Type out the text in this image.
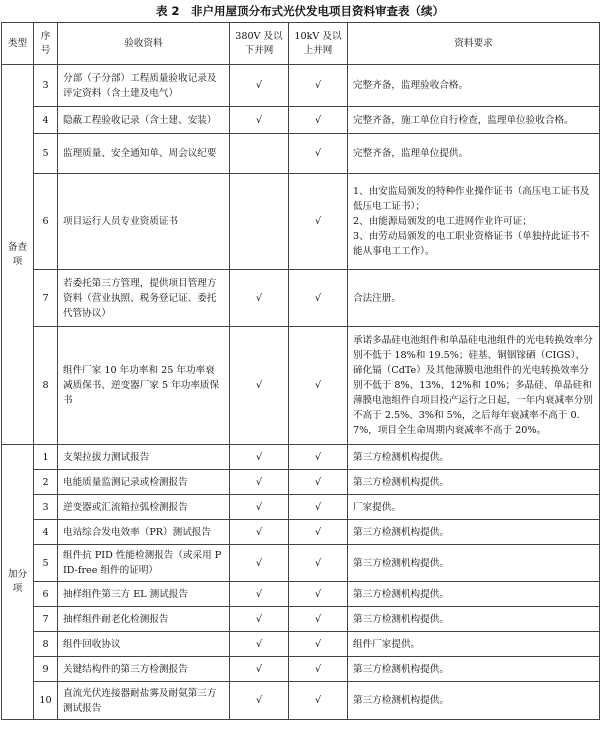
表 2　非户用屋顶分布式光伏发电项目资料审查表（续）
类型	序号	验收资料	380V 及以下并网	10kV 及以上并网	资料要求
备查项	3	分部（子分部）工程质量验收记录及评定资料（含土建及电气）	√	√	完整齐备，监理验收合格。

	4	隐蔽工程验收记录（含土建、安装）	√	√	完整齐备，施工单位自行检查，监理单位验收合格。

	5	监理质量、安全通知单、周会议纪要		√	完整齐备，监理单位提供。

	6	项目运行人员专业资质证书		√	1、由安监局颁发的特种作业操作证书（高压电工证书及低压电工证书）；
2、由能源局颁发的电工进网作业许可证；
3、由劳动局颁发的电工职业资格证书（单独持此证书不能从事电工工作）。

	7	若委托第三方管理，提供项目管理方资料（营业执照、税务登记证、委托代管协议）	√	√	合法注册。

	8	组件厂家 10 年功率和 25 年功率衰减质保书、逆变器厂家 5 年功率质保书	√	√	承诺多晶硅电池组件和单晶硅电池组件的光电转换效率分别不低于 18%和 19.5%；硅基、铜铟镓硒（CIGS）、碲化镉（CdTe）及其他薄膜电池组件的光电转换效率分别不低于 8%、13%、12%和 10%；多晶硅、单晶硅和薄膜电池组件自项目投产运行之日起，一年内衰减率分别不高于 2.5%、3%和 5%，之后每年衰减率不高于 0.7%，项目全生命周期内衰减率不高于 20%。

加分项	1	支架拉拔力测试报告	√	√	第三方检测机构提供。

	2	电能质量监测记录或检测报告	√	√	第三方检测机构提供。

	3	逆变器或汇流箱拉弧检测报告	√	√	厂家提供。

	4	电站综合发电效率（PR）测试报告	√	√	第三方检测机构提供。

	5	组件抗 PID 性能检测报告（或采用 PID-free 组件的证明）	√	√	第三方检测机构提供。

	6	抽样组件第三方 EL 测试报告	√	√	第三方检测机构提供。

	7	抽样组件耐老化检测报告	√	√	第三方检测机构提供。

	8	组件回收协议	√	√	组件厂家提供。

	9	关键结构件的第三方检测报告	√	√	第三方检测机构提供。

	10	直流光伏连接器耐盐雾及耐氨第三方测试报告	√	√	第三方检测机构提供。
